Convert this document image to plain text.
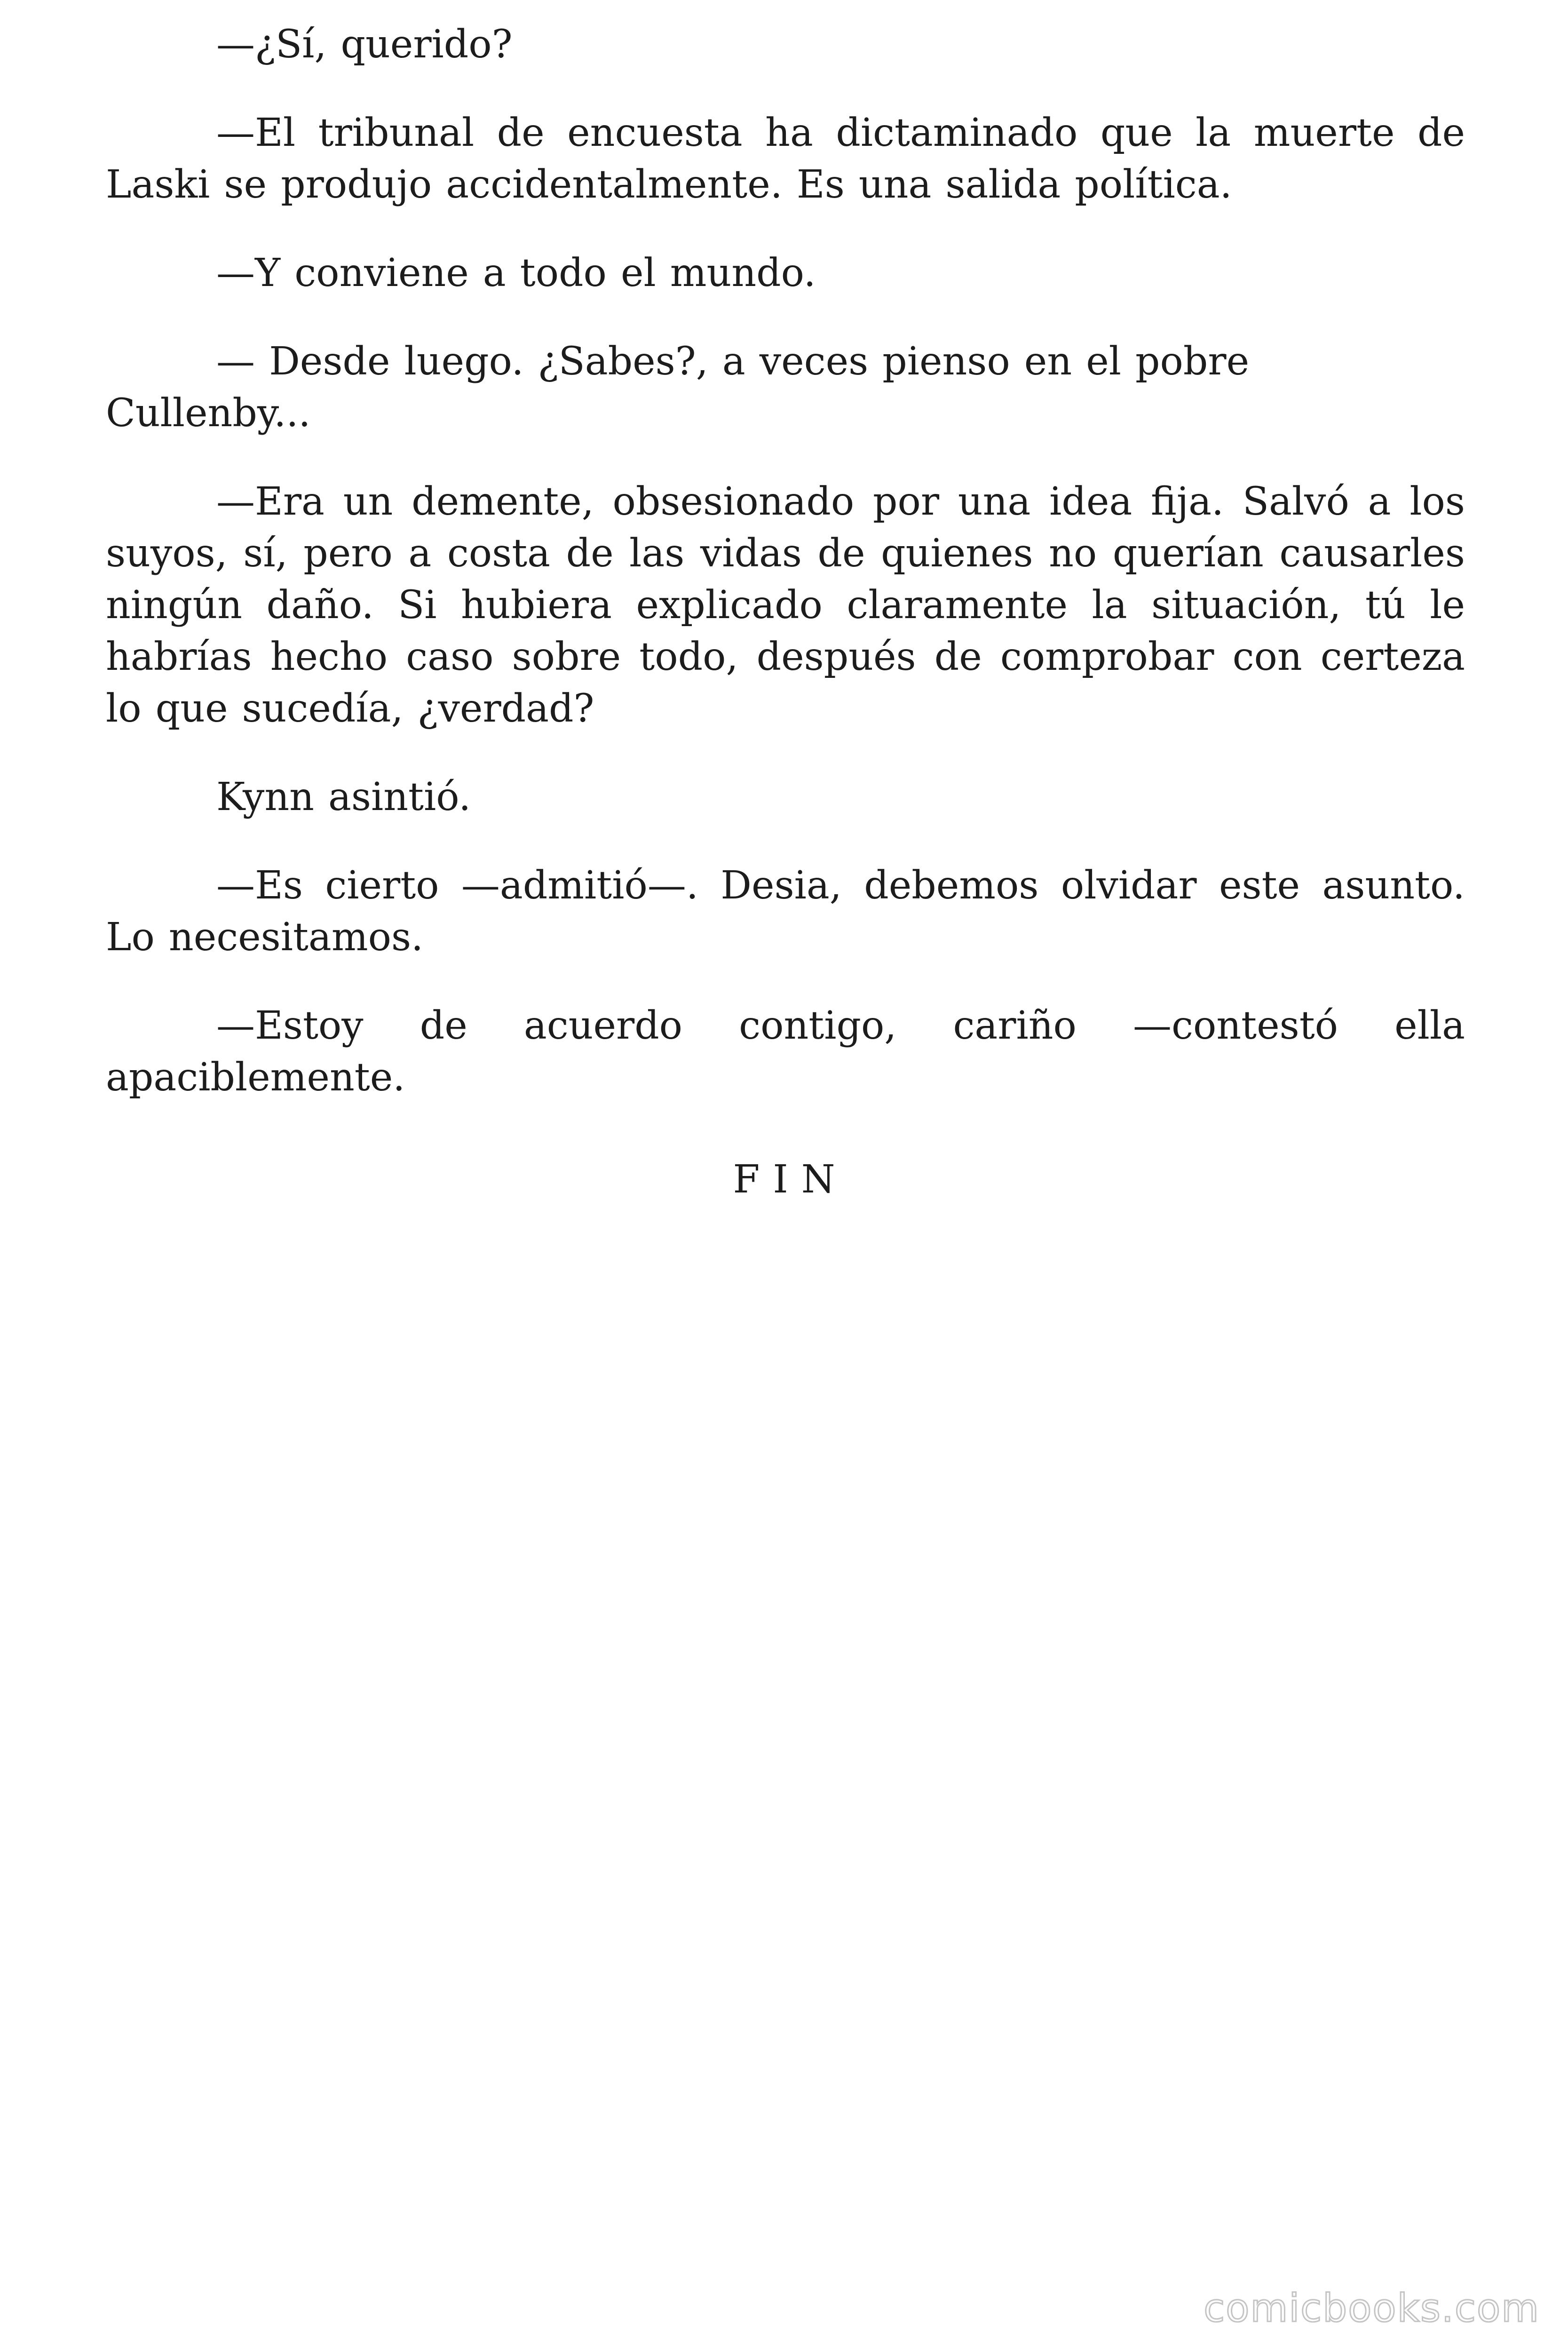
—¿Sí, querido?

—El tribunal de encuesta ha dictaminado que la muerte de Laski se produjo accidentalmente. Es una salida política.

—Y conviene a todo el mundo.

— Desde luego. ¿Sabes?, a veces pienso en el pobre Cullenby...

—Era un demente, obsesionado por una idea fija. Salvó a los suyos, sí, pero a costa de las vidas de quienes no querían causarles ningún daño. Si hubiera explicado claramente la situación, tú le habrías hecho caso sobre todo, después de comprobar con certeza lo que sucedía, ¿verdad?

Kynn asintió.

—Es cierto —admitió—. Desia, debemos olvidar este asunto. Lo necesitamos.

—Estoy de acuerdo contigo, cariño —contestó ella apaciblemente.

FIN
comicbooks.com
